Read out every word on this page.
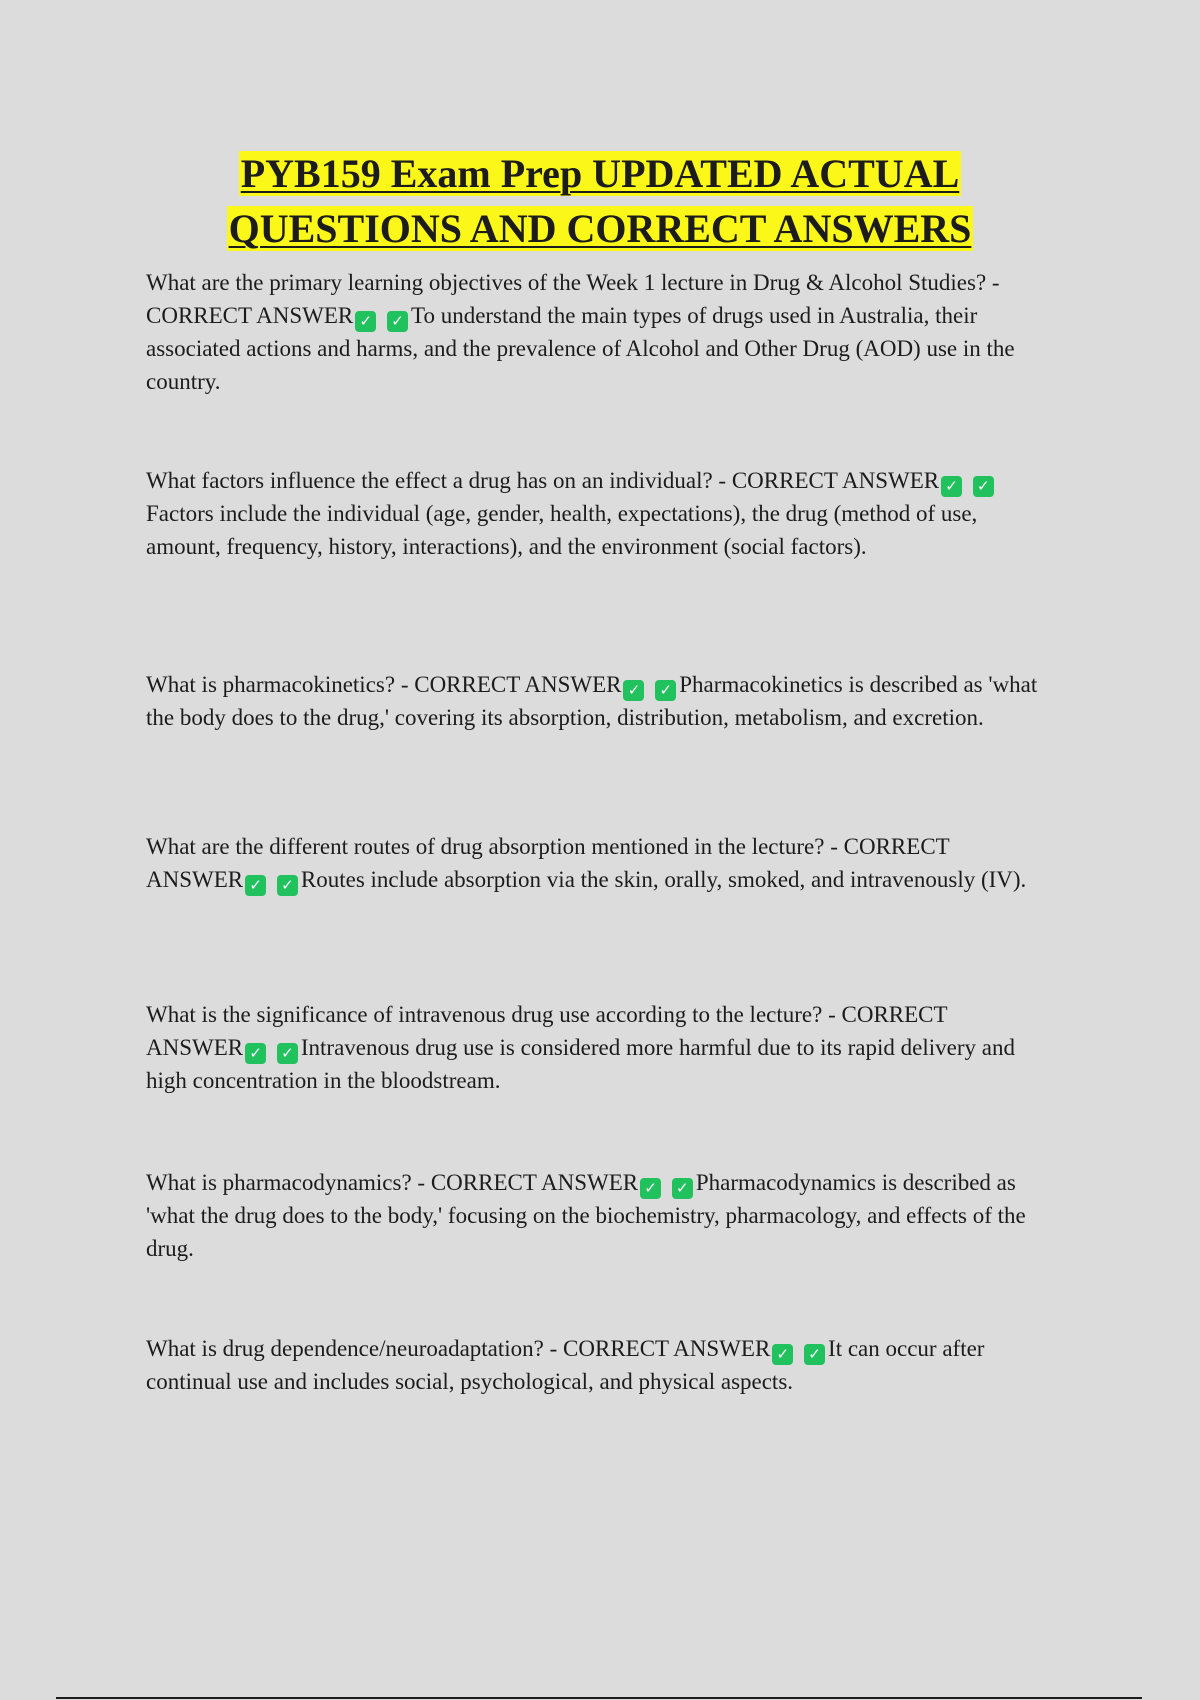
PYB159 Exam Prep UPDATED ACTUAL
QUESTIONS AND CORRECT ANSWERS

What are the primary learning objectives of the Week 1 lecture in Drug & Alcohol Studies? - CORRECT ANSWER ✓ ✓ To understand the main types of drugs used in Australia, their associated actions and harms, and the prevalence of Alcohol and Other Drug (AOD) use in the country.

What factors influence the effect a drug has on an individual? - CORRECT ANSWER ✓ ✓Factors include the individual (age, gender, health, expectations), the drug (method of use, amount, frequency, history, interactions), and the environment (social factors).

What is pharmacokinetics? - CORRECT ANSWER ✓ ✓ Pharmacokinetics is described as 'what the body does to the drug,' covering its absorption, distribution, metabolism, and excretion.

What are the different routes of drug absorption mentioned in the lecture? - CORRECT ANSWER ✓ ✓ Routes include absorption via the skin, orally, smoked, and intravenously (IV).

What is the significance of intravenous drug use according to the lecture? - CORRECT ANSWER ✓ ✓ Intravenous drug use is considered more harmful due to its rapid delivery and high concentration in the bloodstream.

What is pharmacodynamics? - CORRECT ANSWER ✓ ✓ Pharmacodynamics is described as 'what the drug does to the body,' focusing on the biochemistry, pharmacology, and effects of the drug.

What is drug dependence/neuroadaptation? - CORRECT ANSWER ✓ ✓ It can occur after continual use and includes social, psychological, and physical aspects.
